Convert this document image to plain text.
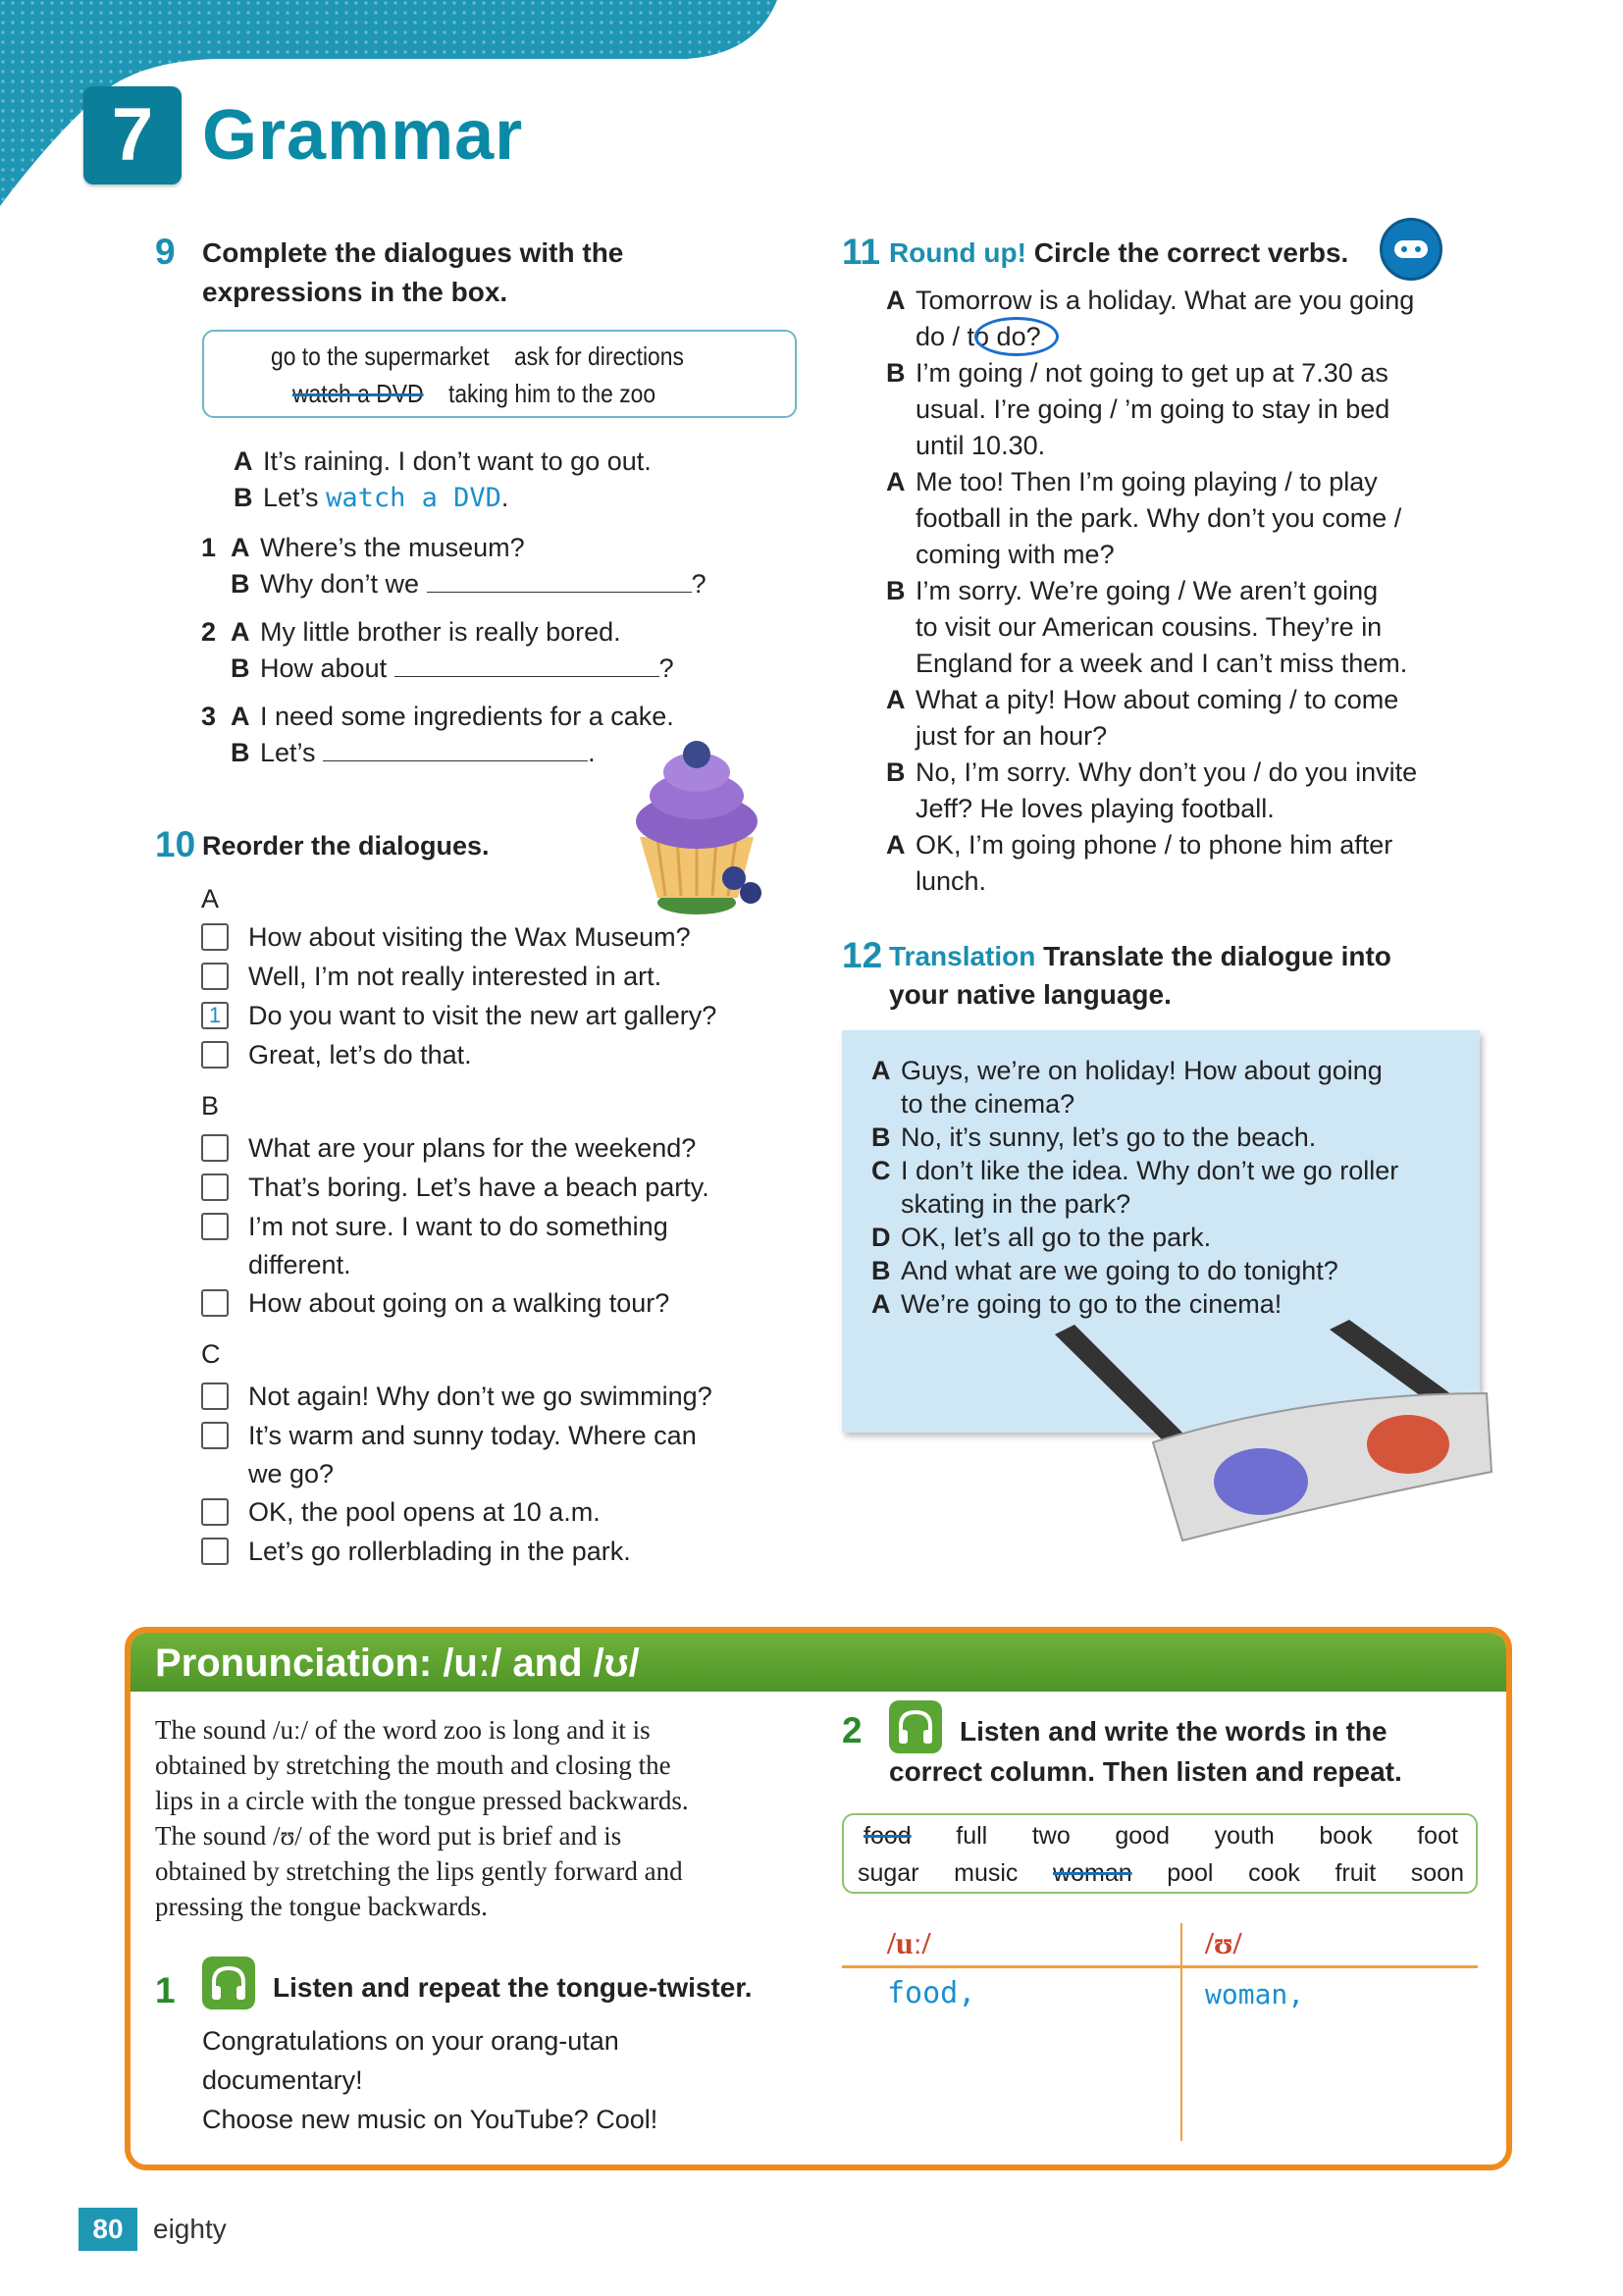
7 Grammar
9 Complete the dialogues with the expressions in the box.
go to the supermarket ask for directions
watch a DVD taking him to the zoo
A It’s raining. I don’t want to go out.
B Let’s
watch a DVD .
1 A Where’s the museum?
B Why don’t we
	?
2 A My little brother is really bored.
B How about
	?
3 A I need some ingredients for a cake.
B Let’s
	.
10 Reorder the dialogues.
A
How about visiting the Wax Museum?
Well, I’m not really interested in art.
1 Do you want to visit the new art gallery?
Great, let’s do that.
B
What are your plans for the weekend?
That’s boring. Let’s have a beach party.
I’m not sure. I want to do something
different.
How about going on a walking tour?
C
Not again! Why don’t we go swimming?
It’s warm and sunny today. Where can
we go?
OK, the pool opens at 10 a.m.
Let’s go rollerblading in the park.
11 Round up! Circle the correct verbs.
A Tomorrow is a holiday. What are you going
do / to do?
B I’m going / not going to get up at 7.30 as
usual. I’re going / ’m going to stay in bed
until 10.30.
A Me too! Then I’m going playing / to play
football in the park. Why don’t you come /
coming with me?
B I’m sorry. We’re going / We aren’t going
to visit our American cousins. They’re in
England for a week and I can’t miss them.
A What a pity! How about coming / to come
just for an hour?
B No, I’m sorry. Why don’t you / do you invite
Jeff? He loves playing football.
A OK, I’m going phone / to phone him after
lunch.
12 Translation Translate the dialogue into
your native language.
A Guys, we’re on holiday! How about going
to the cinema?
B No, it’s sunny, let’s go to the beach.
C I don’t like the idea. Why don’t we go roller
skating in the park?
D OK, let’s all go to the park.
B And what are we going to do tonight?
A We’re going to go to the cinema!
Pronunciation: /uː/ and /ʊ/
The sound /uː/ of the word zoo is long and it is
obtained by stretching the mouth and closing the
lips in a circle with the tongue pressed backwards.
The sound /ʊ/ of the word put is brief and is
obtained by stretching the lips gently forward and
pressing the tongue backwards.
1	Listen and repeat the tongue-twister.
Congratulations on your orang-utan
documentary!
Choose new music on YouTube? Cool!
2	Listen and write the words in the
correct column. Then listen and repeat.
food full two good youth book foot
sugar music woman pool cook fruit soon
/uː/	/ʊ/
food,	woman,
80	eighty
